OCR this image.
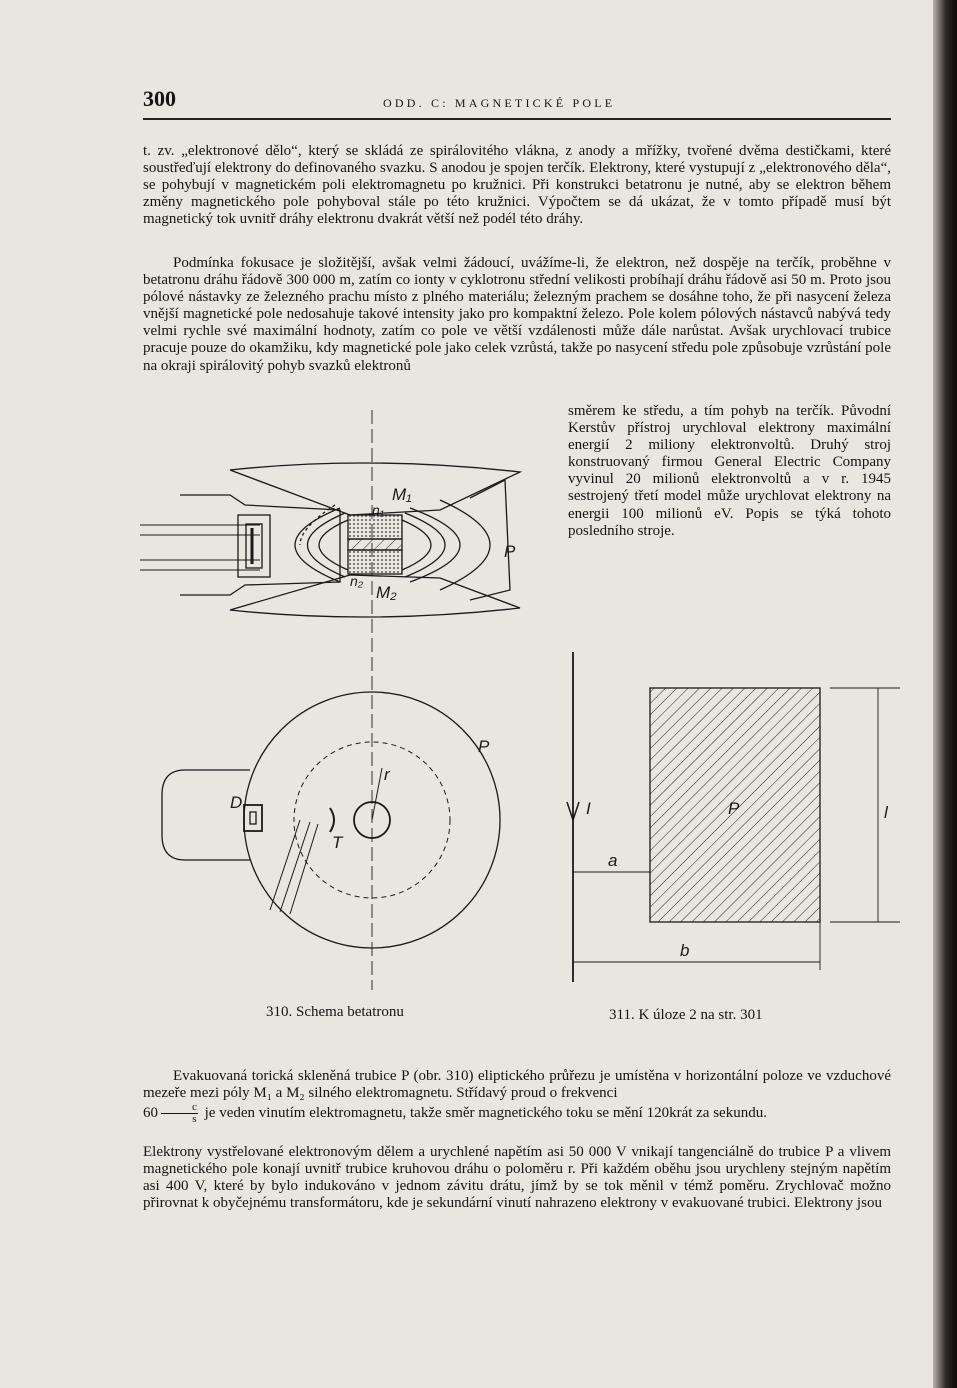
300	ODD. C: MAGNETICKÉ POLE

t. zv. „elektronové dělo“, který se skládá ze spirálovitého vlákna, z anody a mřížky, tvořené dvěma destičkami, které soustřeďují elektrony do definovaného svazku. S anodou je spojen terčík. Elektrony, které vystupují z „elektronového děla“, se pohybují v magnetickém poli elektromagnetu po kružnici. Při konstrukci betatronu je nutné, aby se elektron během změny magnetického pole pohyboval stále po této kružnici. Výpočtem se dá ukázat, že v tomto případě musí být magnetický tok uvnitř dráhy elektronu dvakrát větší než podél této dráhy.

Podmínka fokusace je složitější, avšak velmi žádoucí, uvážíme-li, že elektron, než dospěje na terčík, proběhne v betatronu dráhu řádově 300 000 m, zatím co ionty v cyklotronu střední velikosti probíhají dráhu řádově asi 50 m. Proto jsou pólové nástavky ze železného prachu místo z plného materiálu; železným prachem se dosáhne toho, že při nasycení železa vnější magnetické pole nedosahuje takové intensity jako pro kompaktní železo. Pole kolem pólových nástavců nabývá tedy velmi rychle své maximální hodnoty, zatím co pole ve větší vzdálenosti může dále narůstat. Avšak urychlovací trubice pracuje pouze do okamžiku, kdy magnetické pole jako celek vzrůstá, takže po nasycení středu pole způsobuje vzrůstání pole na okraji spirálovitý pohyb svazků elektronů

směrem ke středu, a tím pohyb na terčík. Původní Kerstův přístroj urychloval elektrony maximální energií 2 miliony elektronvoltů. Druhý stroj konstruovaný firmou General Electric Company vyvinul 20 milionů elektronvoltů a v r. 1945 sestrojený třetí model může urychlovat elektrony na energii 100 milionů eV. Popis se týká tohoto posledního stroje.

M₁
n₁
n₂
M₂
P
P
D
T
r
I	P	l
a
b
310. Schema betatronu	311. K úloze 2 na str. 301
Evakuovaná torická skleněná trubice P (obr. 310) eliptického průřezu je umístěna v horizontální poloze ve vzduchové mezeře mezi póly M₁ a M₂ silného elektromagnetu. Střídavý proud o frekvenci
$60 \frac{c}{s}$ je veden vinutím elektromagnetu, takže směr magnetického toku se mění 120krát za sekundu.

Elektrony vystřelované elektronovým dělem a urychlené napětím asi 50 000 V vnikají tangenciálně do trubice P a vlivem magnetického pole konají uvnitř trubice kruhovou dráhu o poloměru r. Při každém oběhu jsou urychleny stejným napětím asi 400 V, které by bylo indukováno v jednom závitu drátu, jímž by se tok měnil v témž poměru. Zrychlovač možno přirovnat k obyčejnému transformátoru, kde je sekundární vinutí nahrazeno elektrony v evakuované trubici. Elektrony jsou
